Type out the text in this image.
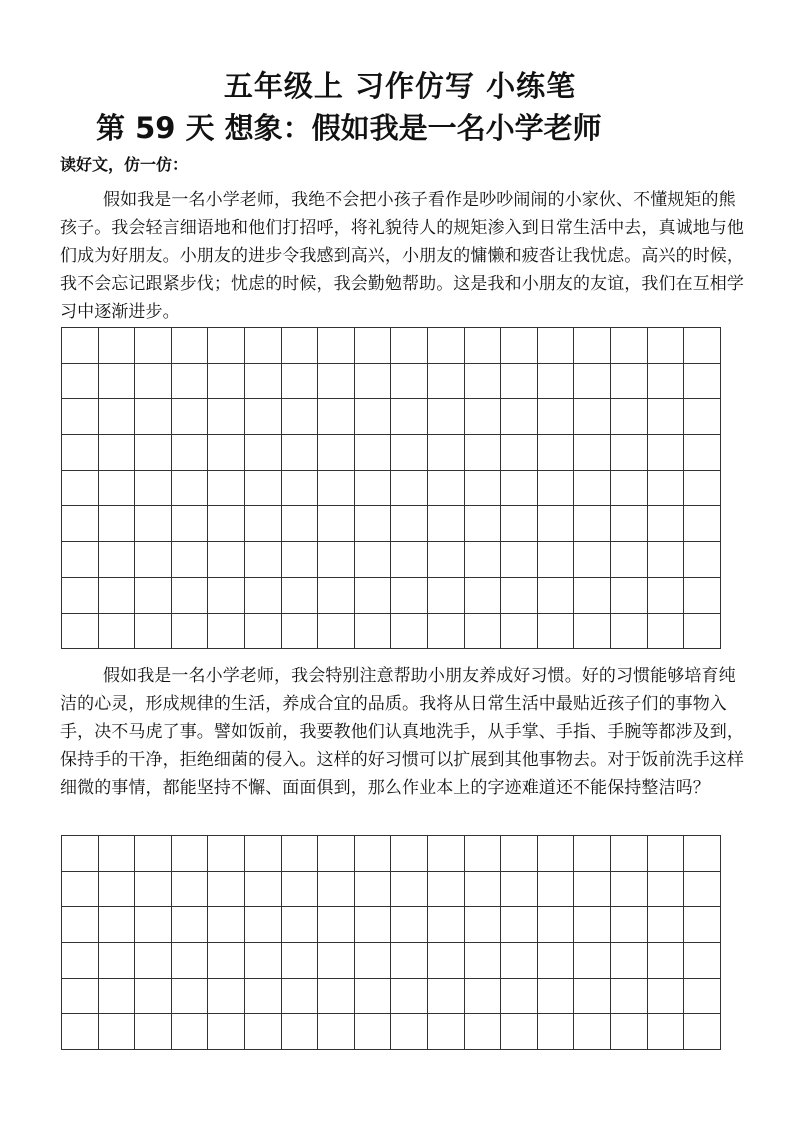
五年级上 习作仿写 小练笔
第 59 天 想象：假如我是一名小学老师
读好文，仿一仿：
假如我是一名小学老师，我绝不会把小孩子看作是吵吵闹闹的小家伙、不懂规矩的熊孩子。我会轻言细语地和他们打招呼，将礼貌待人的规矩渗入到日常生活中去，真诚地与他们成为好朋友。小朋友的进步令我感到高兴，小朋友的慵懒和疲沓让我忧虑。高兴的时候，我不会忘记跟紧步伐；忧虑的时候，我会勤勉帮助。这是我和小朋友的友谊，我们在互相学习中逐渐进步。
假如我是一名小学老师，我会特别注意帮助小朋友养成好习惯。好的习惯能够培育纯洁的心灵，形成规律的生活，养成合宜的品质。我将从日常生活中最贴近孩子们的事物入手，决不马虎了事。譬如饭前，我要教他们认真地洗手，从手掌、手指、手腕等都涉及到，保持手的干净，拒绝细菌的侵入。这样的好习惯可以扩展到其他事物去。对于饭前洗手这样细微的事情，都能坚持不懈、面面俱到，那么作业本上的字迹难道还不能保持整洁吗？
